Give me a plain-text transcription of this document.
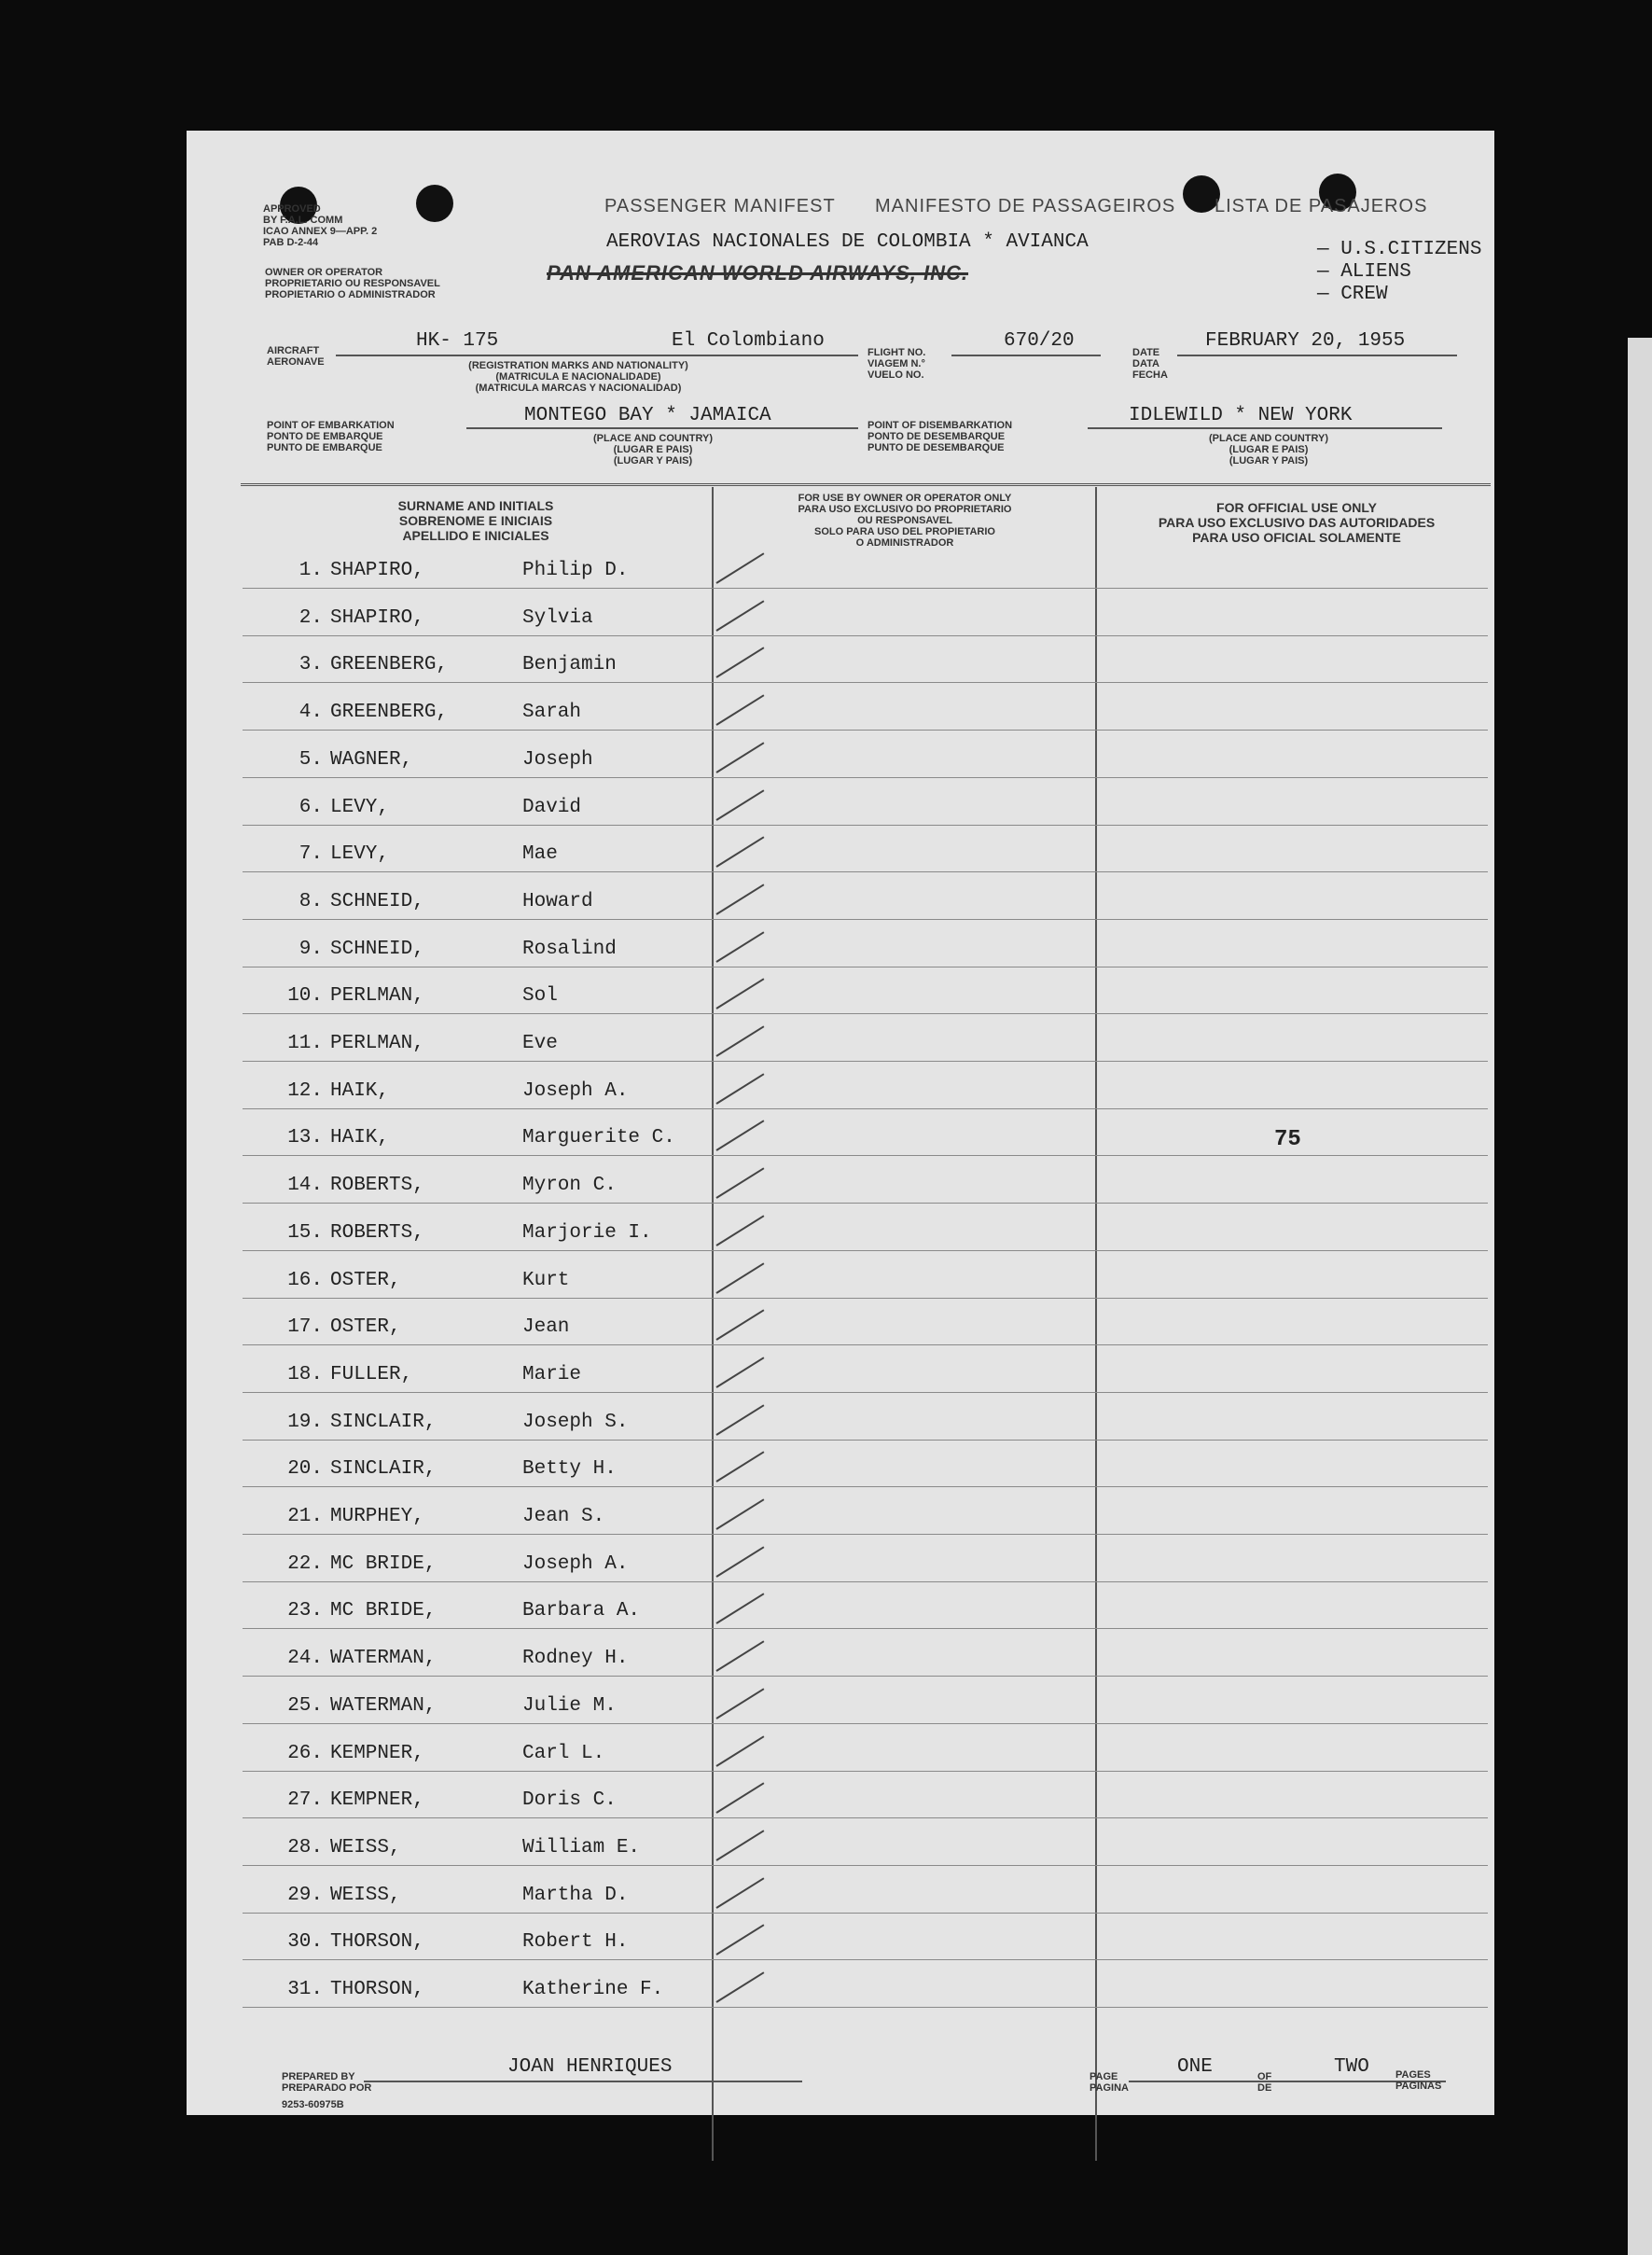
APPROVED
BY F.A.L. COMM
ICAO ANNEX 9—APP. 2
PAB D-2-44
PASSENGER MANIFEST MANIFESTO DE PASSAGEIROS LISTA DE PASAJEROS
AEROVIAS NACIONALES DE COLOMBIA * AVIANCA
PAN AMERICAN WORLD AIRWAYS, INC.
OWNER OR OPERATOR
PROPRIETARIO OU RESPONSAVEL
PROPIETARIO O ADMINISTRADOR
— U.S.CITIZENS
— ALIENS
— CREW
AIRCRAFT
AERONAVE
HK- 175	El Colombiano
(REGISTRATION MARKS AND NATIONALITY)
(MATRICULA E NACIONALIDADE)
(MATRICULA MARCAS Y NACIONALIDAD)
FLIGHT NO.
VIAGEM N.°
VUELO NO.
670/20
DATE
DATA
FECHA
FEBRUARY 20, 1955
POINT OF EMBARKATION
PONTO DE EMBARQUE
PUNTO DE EMBARQUE
MONTEGO BAY * JAMAICA
(PLACE AND COUNTRY)
(LUGAR E PAIS)
(LUGAR Y PAIS)
POINT OF DISEMBARKATION
PONTO DE DESEMBARQUE
PUNTO DE DESEMBARQUE
IDLEWILD * NEW YORK
(PLACE AND COUNTRY)
(LUGAR E PAIS)
(LUGAR Y PAIS)
SURNAME AND INITIALS
SOBRENOME E INICIAIS
APELLIDO E INICIALES
FOR USE BY OWNER OR OPERATOR ONLY
PARA USO EXCLUSIVO DO PROPRIETARIO
OU RESPONSAVEL
SOLO PARA USO DEL PROPIETARIO
O ADMINISTRADOR
FOR OFFICIAL USE ONLY
PARA USO EXCLUSIVO DAS AUTORIDADES
PARA USO OFICIAL SOLAMENTE
1. SHAPIRO,	Philip D.
2. SHAPIRO,	Sylvia
3. GREENBERG,	Benjamin
4. GREENBERG,	Sarah
5. WAGNER,	Joseph
6. LEVY,	David
7. LEVY,	Mae
8. SCHNEID,	Howard
9. SCHNEID,	Rosalind
10. PERLMAN,	Sol
11. PERLMAN,	Eve
12. HAIK,	Joseph A.
13. HAIK,	Marguerite C.
14. ROBERTS,	Myron C.
15. ROBERTS,	Marjorie I.
16. OSTER,	Kurt
17. OSTER,	Jean
18. FULLER,	Marie
19. SINCLAIR,	Joseph S.
20. SINCLAIR,	Betty H.
21. MURPHEY,	Jean S.
22. MC BRIDE,	Joseph A.
23. MC BRIDE,	Barbara A.
24. WATERMAN,	Rodney H.
25. WATERMAN,	Julie M.
26. KEMPNER,	Carl L.
27. KEMPNER,	Doris C.
28. WEISS,	William E.
29. WEISS,	Martha D.
30. THORSON,	Robert H.
31. THORSON,	Katherine F.
75
PREPARED BY
PREPARADO POR
JOAN HENRIQUES
9253-60975B
PAGE
PAGINA
ONE	OF
DE
TWO	PAGES
PAGINAS
